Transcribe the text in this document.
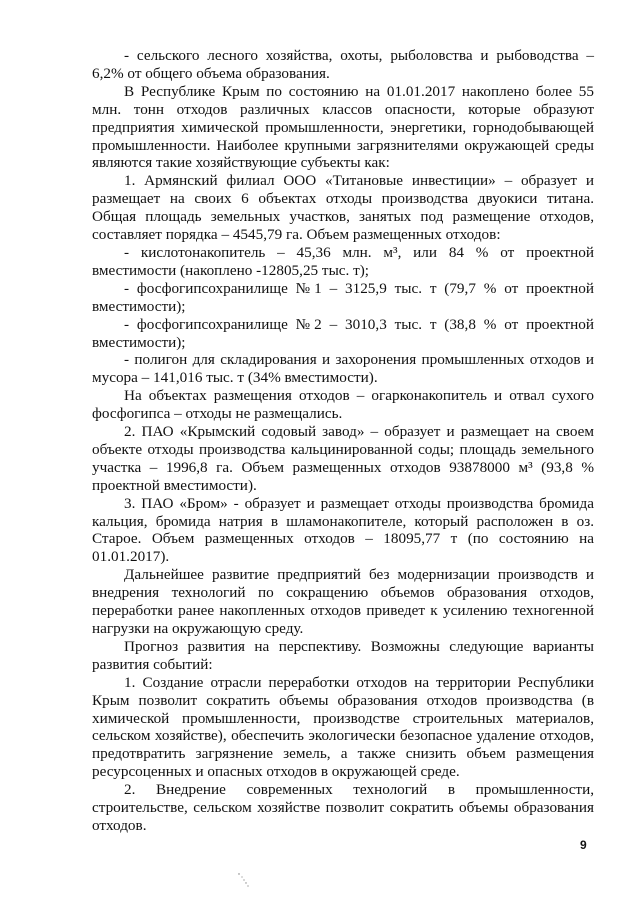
- сельского лесного хозяйства, охоты, рыболовства и рыбоводства – 6,2% от общего объема образования.

В Республике Крым по состоянию на 01.01.2017 накоплено более 55 млн. тонн отходов различных классов опасности, которые образуют предприятия химической промышленности, энергетики, горнодобывающей промышленности. Наиболее крупными загрязнителями окружающей среды являются такие хозяйствующие субъекты как:

1. Армянский филиал ООО «Титановые инвестиции» – образует и размещает на своих 6 объектах отходы производства двуокиси титана. Общая площадь земельных участков, занятых под размещение отходов, составляет порядка – 4545,79 га. Объем размещенных отходов:

- кислотонакопитель – 45,36 млн. м³, или 84 % от проектной вместимости (накоплено -12805,25 тыс. т);

- фосфогипсохранилище №1 – 3125,9 тыс. т (79,7 % от проектной вместимости);

- фосфогипсохранилище №2 – 3010,3 тыс. т (38,8 % от проектной вместимости);

- полигон для складирования и захоронения промышленных отходов и мусора – 141,016 тыс. т (34% вместимости).

На объектах размещения отходов – огарконакопитель и отвал сухого фосфогипса – отходы не размещались.

2. ПАО «Крымский содовый завод» – образует и размещает на своем объекте отходы производства кальцинированной соды; площадь земельного участка – 1996,8 га. Объем размещенных отходов 93878000 м³ (93,8 % проектной вместимости).

3. ПАО «Бром» - образует и размещает отходы производства бромида кальция, бромида натрия в шламонакопителе, который расположен в оз. Старое. Объем размещенных отходов – 18095,77 т (по состоянию на 01.01.2017).

Дальнейшее развитие предприятий без модернизации производств и внедрения технологий по сокращению объемов образования отходов, переработки ранее накопленных отходов приведет к усилению техногенной нагрузки на окружающую среду.

Прогноз развития на перспективу. Возможны следующие варианты развития событий:

1. Создание отрасли переработки отходов на территории Республики Крым позволит сократить объемы образования отходов производства (в химической промышленности, производстве строительных материалов, сельском хозяйстве), обеспечить экологически безопасное удаление отходов, предотвратить загрязнение земель, а также снизить объем размещения ресурсоценных и опасных отходов в окружающей среде.

2. Внедрение современных технологий в промышленности, строительстве, сельском хозяйстве позволит сократить объемы образования отходов.

9
